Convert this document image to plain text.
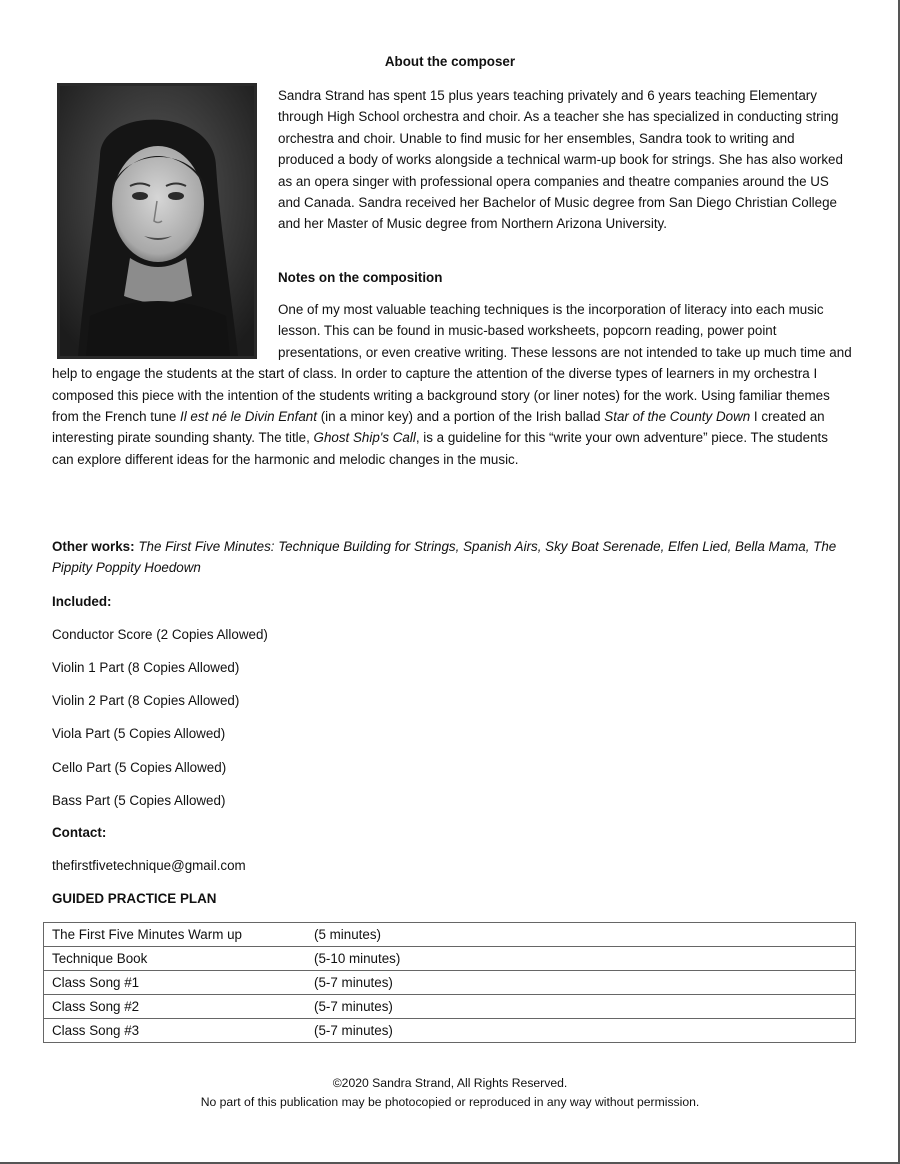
About the composer

Sandra Strand has spent 15 plus years teaching privately and 6 years teaching Elementary through High School orchestra and choir. As a teacher she has specialized in conducting string orchestra and choir. Unable to find music for her ensembles, Sandra took to writing and produced a body of works alongside a technical warm-up book for strings. She has also worked as an opera singer with professional opera companies and theatre companies around the US and Canada. Sandra received her Bachelor of Music degree from San Diego Christian College and her Master of Music degree from Northern Arizona University.

Notes on the composition

One of my most valuable teaching techniques is the incorporation of literacy into each music lesson. This can be found in music-based worksheets, popcorn reading, power point presentations, or even creative writing. These lessons are not intended to take up much time and help to engage the students at the start of class. In order to capture the attention of the diverse types of learners in my orchestra I composed this piece with the intention of the students writing a background story (or liner notes) for the work. Using familiar themes from the French tune Il est né le Divin Enfant (in a minor key) and a portion of the Irish ballad Star of the County Down I created an interesting pirate sounding shanty. The title, Ghost Ship's Call, is a guideline for this “write your own adventure” piece. The students can explore different ideas for the harmonic and melodic changes in the music.

Other works: The First Five Minutes: Technique Building for Strings, Spanish Airs, Sky Boat Serenade, Elfen Lied, Bella Mama, The Pippity Poppity Hoedown

Included:

Conductor Score (2 Copies Allowed)

Violin 1 Part (8 Copies Allowed)

Violin 2 Part (8 Copies Allowed)

Viola Part (5 Copies Allowed)

Cello Part (5 Copies Allowed)

Bass Part (5 Copies Allowed)

Contact:

thefirstfivetechnique@gmail.com

GUIDED PRACTICE PLAN

The First Five Minutes Warm up	(5 minutes)
Technique Book	(5-10 minutes)
Class Song #1	(5-7 minutes)
Class Song #2	(5-7 minutes)
Class Song #3	(5-7 minutes)
©2020 Sandra Strand, All Rights Reserved.
No part of this publication may be photocopied or reproduced in any way without permission.
